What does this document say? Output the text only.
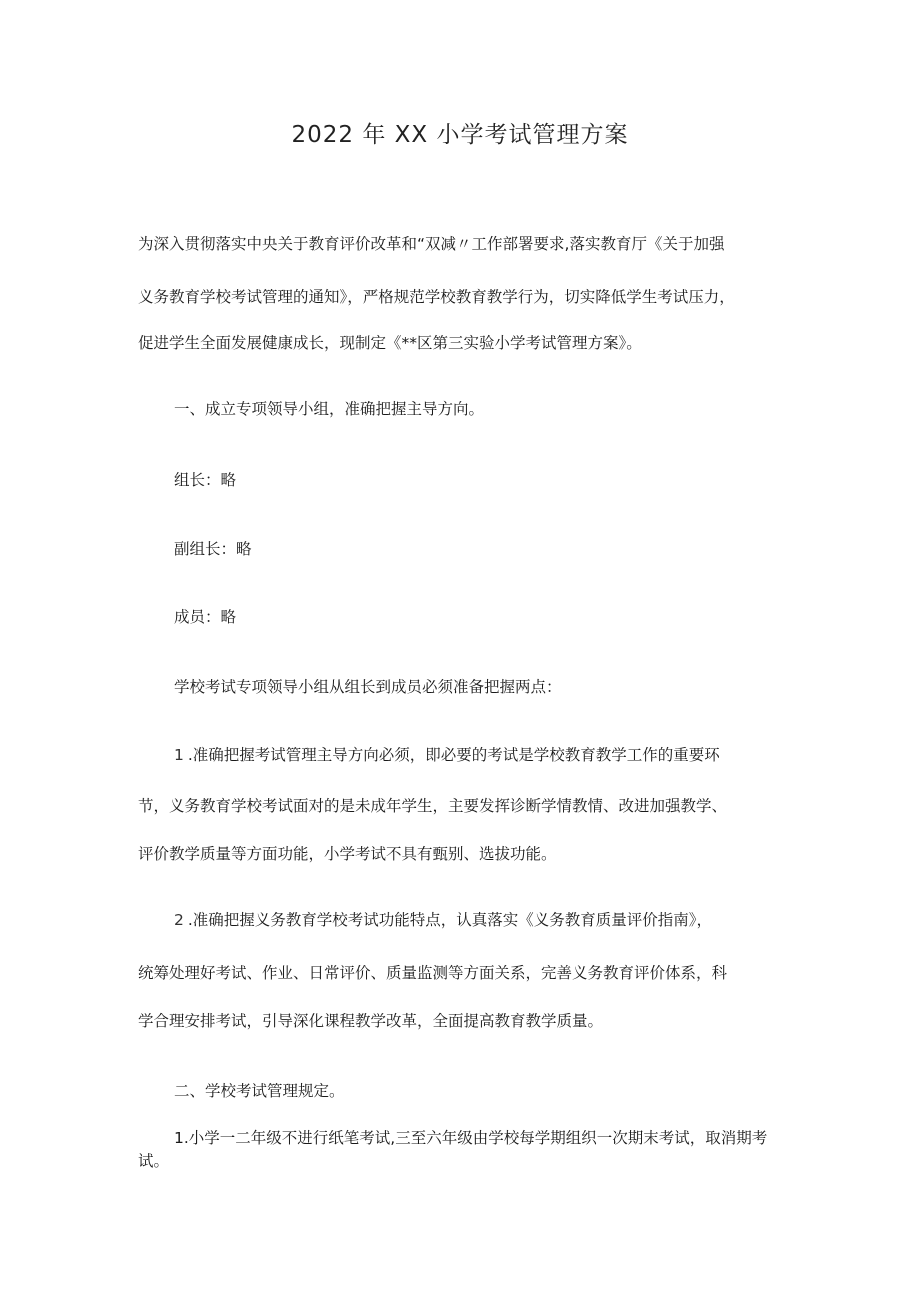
2022 年 XX 小学考试管理方案
为深入贯彻落实中央关于教育评价改革和“双减〃工作部署要求,落实教育厅《关于加强
义务教育学校考试管理的通知》，严格规范学校教育教学行为，切实降低学生考试压力，
促进学生全面发展健康成长，现制定《**区第三实验小学考试管理方案》。
一、成立专项领导小组，准确把握主导方向。
组长：略
副组长：略
成员：略
学校考试专项领导小组从组长到成员必须准备把握两点：
1 .准确把握考试管理主导方向必须，即必要的考试是学校教育教学工作的重要环
节，义务教育学校考试面对的是未成年学生，主要发挥诊断学情教情、改进加强教学、
评价教学质量等方面功能，小学考试不具有甄别、选拔功能。
2 .准确把握义务教育学校考试功能特点，认真落实《义务教育质量评价指南》，
统筹处理好考试、作业、日常评价、质量监测等方面关系，完善义务教育评价体系，科
学合理安排考试，引导深化课程教学改革，全面提高教育教学质量。
二、学校考试管理规定。
1.小学一二年级不进行纸笔考试,三至六年级由学校每学期组织一次期末考试，取消期考试。
